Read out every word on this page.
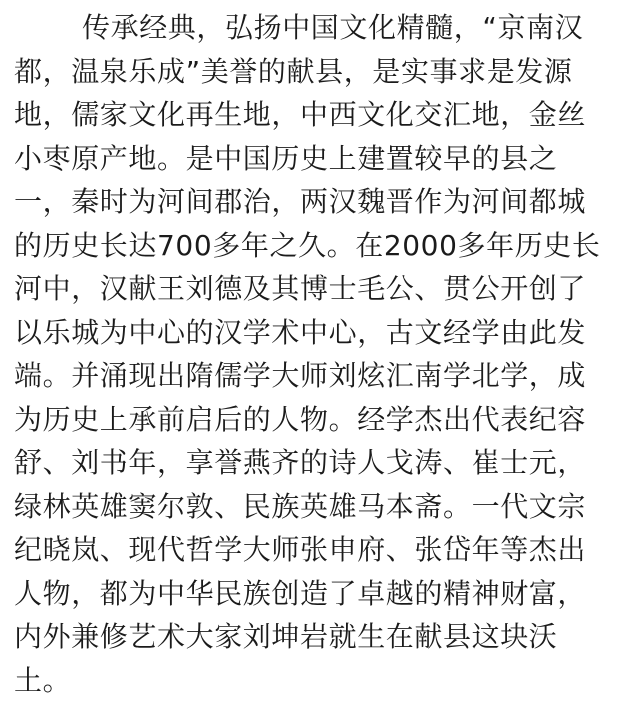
传承经典，弘扬中国文化精髓，“京南汉
都，温泉乐成”美誉的献县，是实事求是发源
地，儒家文化再生地，中西文化交汇地，金丝
小枣原产地。是中国历史上建置较早的县之
一，秦时为河间郡治，两汉魏晋作为河间都城
的历史长达700多年之久。在2000多年历史长
河中，汉献王刘德及其博士毛公、贯公开创了
以乐城为中心的汉学术中心，古文经学由此发
端。并涌现出隋儒学大师刘炫汇南学北学，成
为历史上承前启后的人物。经学杰出代表纪容
舒、刘书年，享誉燕齐的诗人戈涛、崔士元，
绿林英雄窦尔敦、民族英雄马本斋。一代文宗
纪晓岚、现代哲学大师张申府、张岱年等杰出
人物，都为中华民族创造了卓越的精神财富，
内外兼修艺术大家刘坤岩就生在献县这块沃
土。
